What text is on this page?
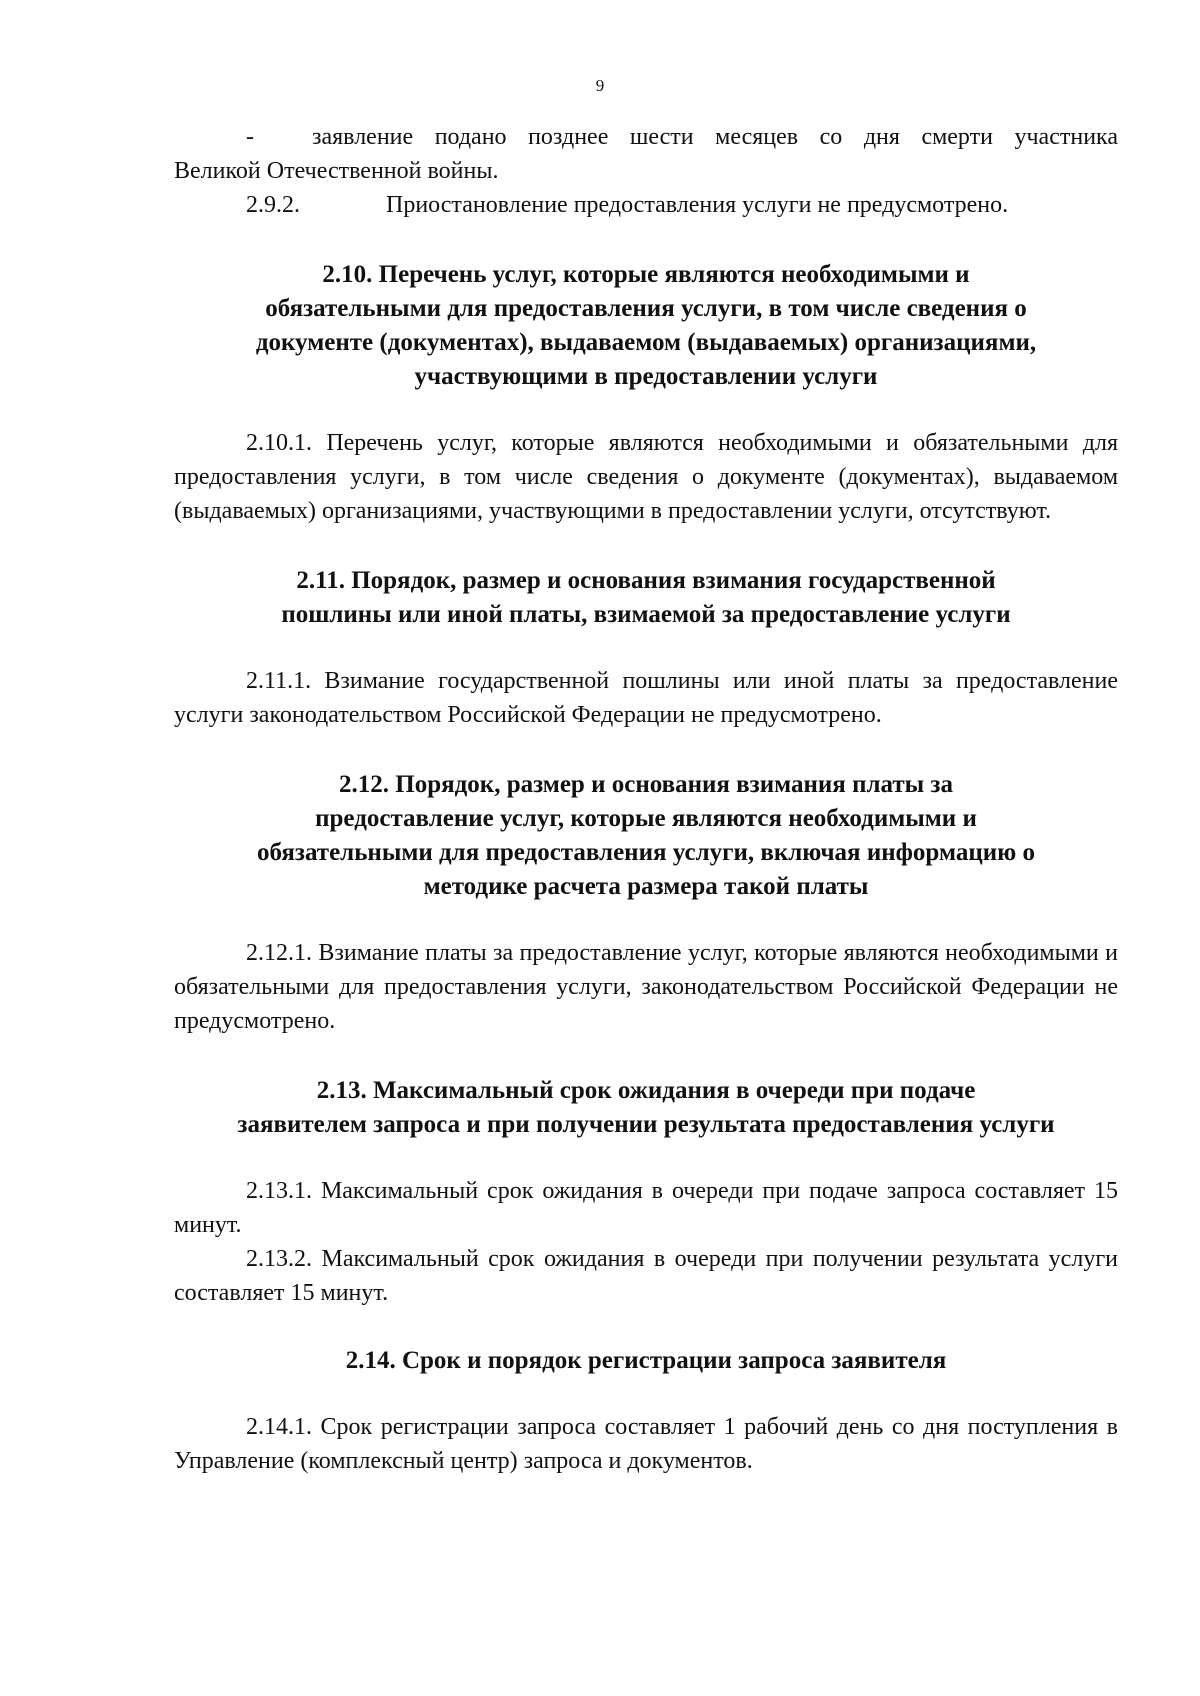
9

- заявление подано позднее шести месяцев со дня смерти участника

Великой Отечественной войны.

2.9.2.	Приостановление предоставления услуги не предусмотрено.
2.10. Перечень услуг, которые являются необходимыми и
обязательными для предоставления услуги, в том числе сведения о
документе (документах), выдаваемом (выдаваемых) организациями,
участвующими в предоставлении услуги

2.10.1. Перечень услуг, которые являются необходимыми и обязательными для предоставления услуги, в том числе сведения о документе (документах), выдаваемом (выдаваемых) организациями, участвующими в предоставлении услуги, отсутствуют.

2.11. Порядок, размер и основания взимания государственной
пошлины или иной платы, взимаемой за предоставление услуги

2.11.1. Взимание государственной пошлины или иной платы за предоставление услуги законодательством Российской Федерации не предусмотрено.

2.12. Порядок, размер и основания взимания платы за
предоставление услуг, которые являются необходимыми и
обязательными для предоставления услуги, включая информацию о
методике расчета размера такой платы

2.12.1. Взимание платы за предоставление услуг, которые являются необходимыми и обязательными для предоставления услуги, законодательством Российской Федерации не предусмотрено.

2.13. Максимальный срок ожидания в очереди при подаче
заявителем запроса и при получении результата предоставления услуги

2.13.1. Максимальный срок ожидания в очереди при подаче запроса составляет 15 минут.

2.13.2. Максимальный срок ожидания в очереди при получении результата услуги составляет 15 минут.

2.14. Срок и порядок регистрации запроса заявителя

2.14.1. Срок регистрации запроса составляет 1 рабочий день со дня поступления в Управление (комплексный центр) запроса и документов.
